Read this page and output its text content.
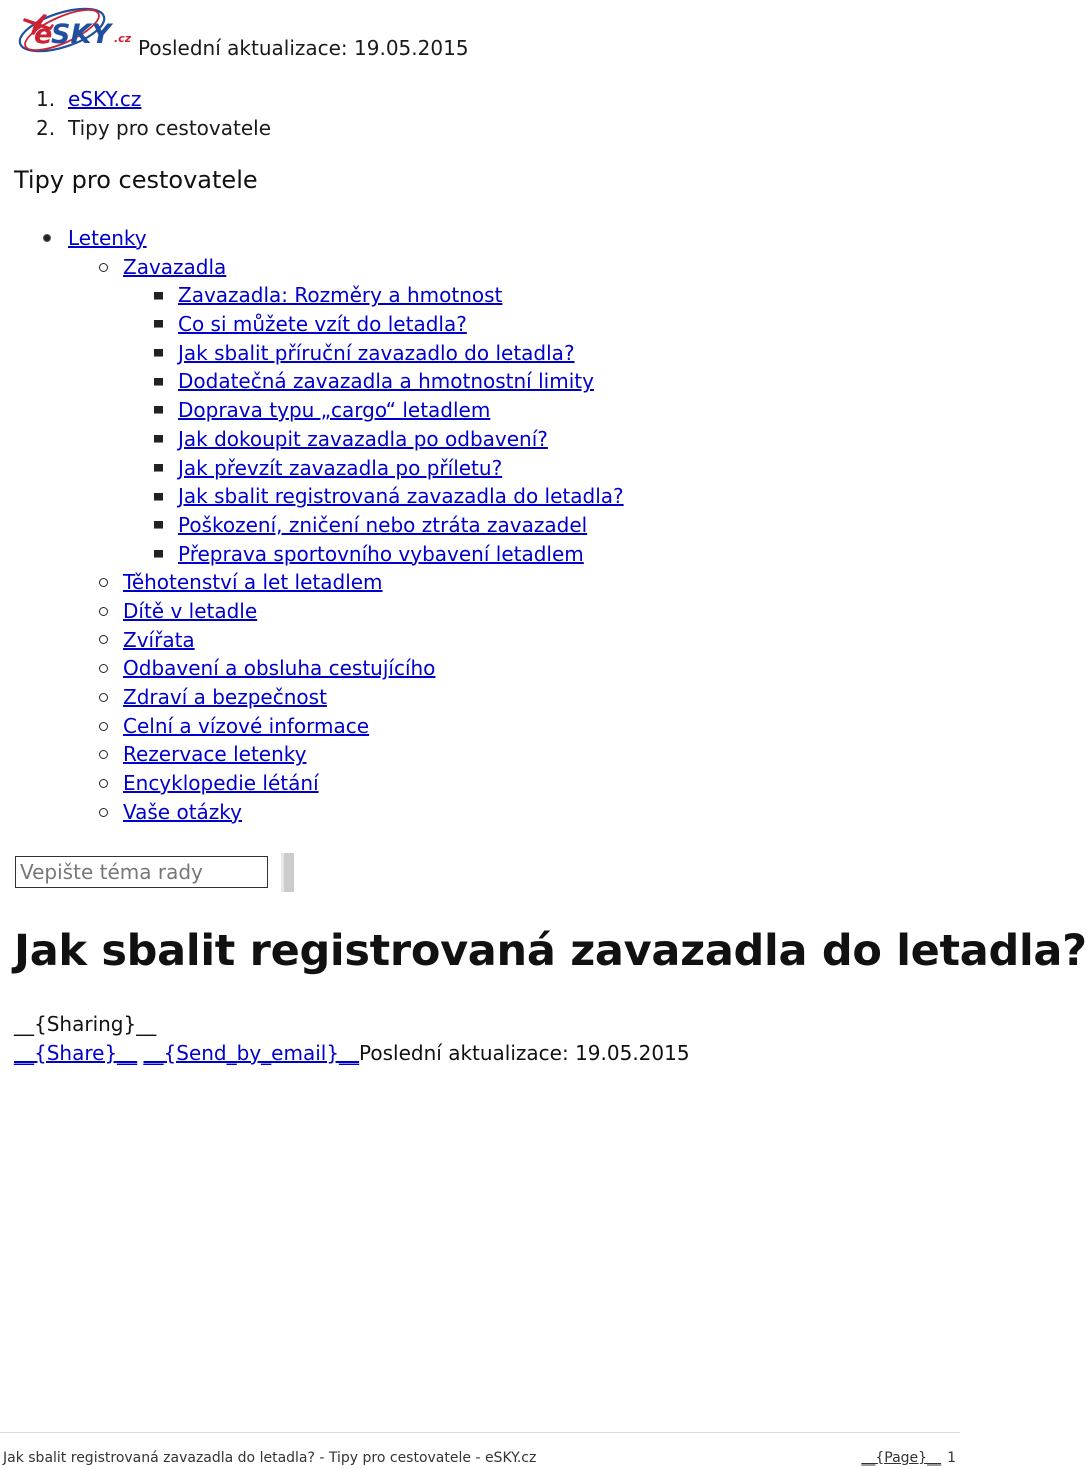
e
SKY .cz Poslední aktualizace: 19.05.2015
1. eSKY.cz
2. Tipy pro cestovatele
Tipy pro cestovatele
Letenky
Zavazadla
Zavazadla: Rozměry a hmotnost
Co si můžete vzít do letadla?
Jak sbalit příruční zavazadlo do letadla?
Dodatečná zavazadla a hmotnostní limity
Doprava typu „cargo“ letadlem
Jak dokoupit zavazadla po odbavení?
Jak převzít zavazadla po příletu?
Jak sbalit registrovaná zavazadla do letadla?
Poškození, zničení nebo ztráta zavazadel
Přeprava sportovního vybavení letadlem
Těhotenství a let letadlem
Dítě v letadle
Zvířata
Odbavení a obsluha cestujícího
Zdraví a bezpečnost
Celní a vízové informace
Rezervace letenky
Encyklopedie létání
Vaše otázky
Vepište téma rady
Jak sbalit registrovaná zavazadla do letadla?
__{Sharing}__
__{Share}__ __{Send_by_email}__Poslední aktualizace: 19.05.2015
Jak sbalit registrovaná zavazadla do letadla? - Tipy pro cestovatele - eSKY.cz	__{Page}__ 1
